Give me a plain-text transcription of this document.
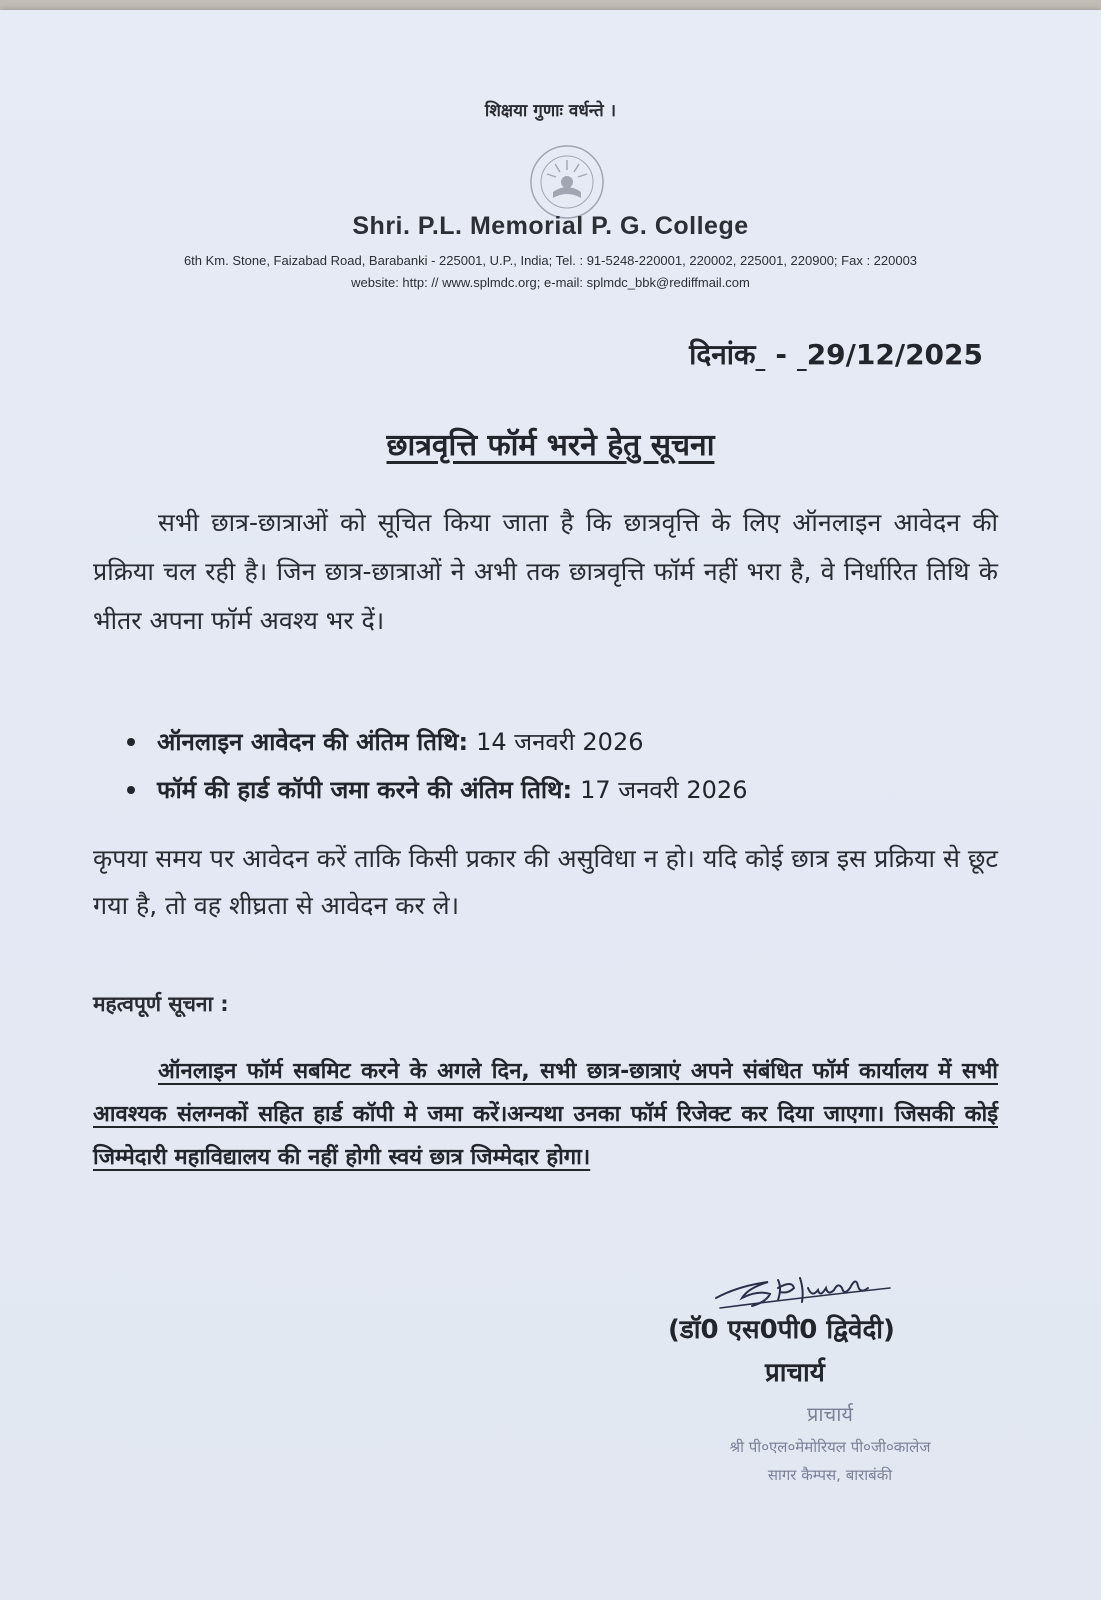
शिक्षया गुणाः वर्धन्ते ।
Shri. P.L. Memorial P. G. College
6th Km. Stone, Faizabad Road, Barabanki - 225001, U.P., India; Tel. : 91-5248-220001, 220002, 225001, 220900; Fax : 220003
website: http: // www.splmdc.org; e-mail: splmdc_bbk@rediffmail.com
दिनांक - 29/12/2025
छात्रवृत्ति फॉर्म भरने हेतु सूचना
सभी छात्र-छात्राओं को सूचित किया जाता है कि छात्रवृत्ति के लिए ऑनलाइन आवेदन की प्रक्रिया चल रही है। जिन छात्र-छात्राओं ने अभी तक छात्रवृत्ति फॉर्म नहीं भरा है, वे निर्धारित तिथि के भीतर अपना फॉर्म अवश्य भर दें।
ऑनलाइन आवेदन की अंतिम तिथि: 14 जनवरी 2026
फॉर्म की हार्ड कॉपी जमा करने की अंतिम तिथि: 17 जनवरी 2026
कृपया समय पर आवेदन करें ताकि किसी प्रकार की असुविधा न हो। यदि कोई छात्र इस प्रक्रिया से छूट गया है, तो वह शीघ्रता से आवेदन कर ले।
महत्वपूर्ण सूचना :
ऑनलाइन फॉर्म सबमिट करने के अगले दिन, सभी छात्र-छात्राएं अपने संबंधित फॉर्म कार्यालय में सभी आवश्यक संलग्नकों सहित हार्ड कॉपी मे जमा करें।अन्यथा उनका फॉर्म रिजेक्ट कर दिया जाएगा। जिसकी कोई जिम्मेदारी महाविद्यालय की नहीं होगी स्वयं छात्र जिम्मेदार होगा।
(डॉ0 एस0पी0 द्विवेदी)
प्राचार्य
प्राचार्य
श्री पी०एल०मेमोरियल पी०जी०कालेज
सागर कैम्पस, बाराबंकी
